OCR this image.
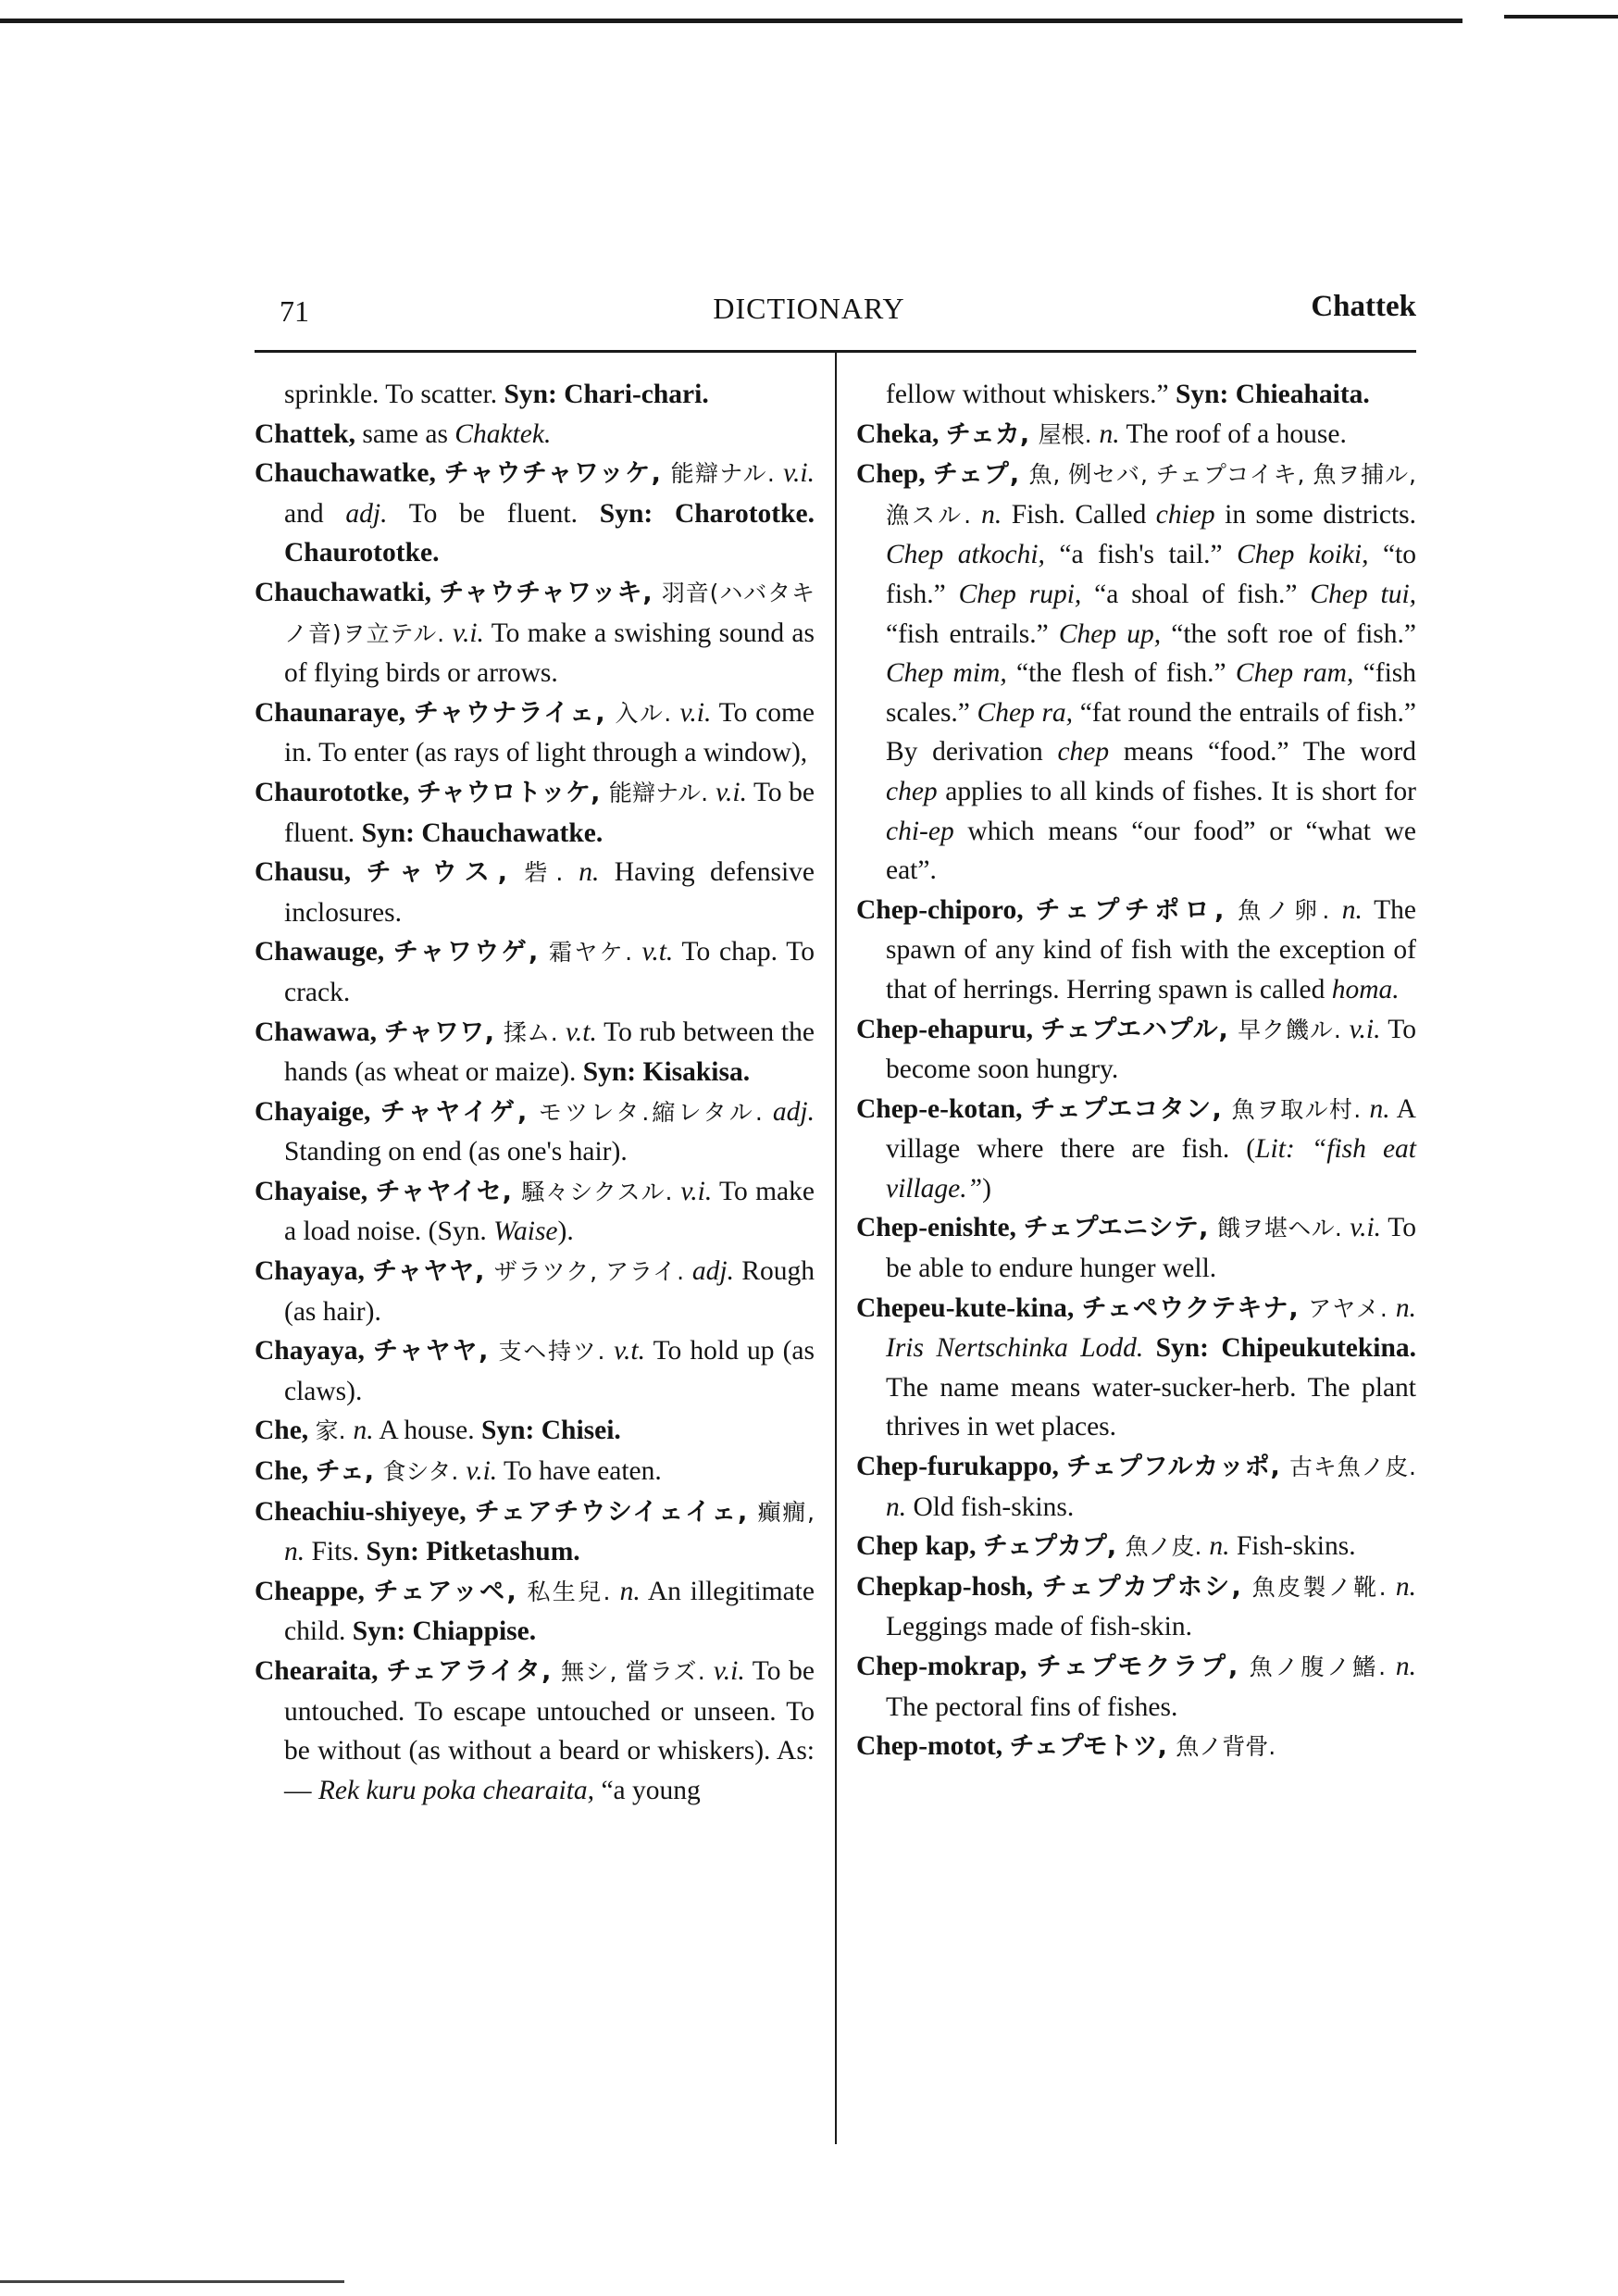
71	DICTIONARY	Chattek

sprinkle. To scatter. Syn: Chari-chari.

Chattek, same as Chaktek.

Chauchawatke, チャウチャワッケ, 能辯ナル. v.i. and adj. To be fluent. Syn: Charototke. Chaurototke.

Chauchawatki, チャウチャワッキ, 羽音(ハバタキノ音)ヲ立テル. v.i. To make a swishing sound as of flying birds or arrows.

Chaunaraye, チャウナライェ, 入ル. v.i. To come in. To enter (as rays of light through a window),

Chaurototke, チャウロトッケ, 能辯ナル. v.i. To be fluent. Syn: Chauchawatke.

Chausu, チャウス, 砦. n. Having defensive inclosures.

Chawauge, チャワウゲ, 霜ヤケ. v.t. To chap. To crack.

Chawawa, チャワワ, 揉ム. v.t. To rub between the hands (as wheat or maize). Syn: Kisakisa.

Chayaige, チャヤイゲ, モツレタ.縮レタル. adj. Standing on end (as one's hair).

Chayaise, チャヤイセ, 騒々シクスル. v.i. To make a load noise. (Syn. Waise).

Chayaya, チャヤヤ, ザラツク, アライ. adj. Rough (as hair).

Chayaya, チャヤヤ, 支ヘ持ツ. v.t. To hold up (as claws).

Che, 家. n. A house. Syn: Chisei.

Che, チェ, 食シタ. v.i. To have eaten.

Cheachiu-shiyeye, チェアチウシイェイェ, 癲癇, n. Fits. Syn: Pitketashum.

Cheappe, チェアッペ, 私生兒. n. An illegitimate child. Syn: Chiappise.

Chearaita, チェアライタ, 無シ, 當ラズ. v.i. To be untouched. To escape untouched or unseen. To be without (as without a beard or whiskers). As:— Rek kuru poka chearaita, “a young

fellow without whiskers.” Syn: Chieahaita.

Cheka, チェカ, 屋根. n. The roof of a house.

Chep, チェプ, 魚, 例セバ, チェプコイキ, 魚ヲ捕ル, 漁スル. n. Fish. Called chiep in some districts. Chep atkochi, “a fish's tail.” Chep koiki, “to fish.” Chep rupi, “a shoal of fish.” Chep tui, “fish entrails.” Chep up, “the soft roe of fish.” Chep mim, “the flesh of fish.” Chep ram, “fish scales.” Chep ra, “fat round the entrails of fish.” By derivation chep means “food.” The word chep applies to all kinds of fishes. It is short for chi-ep which means “our food” or “what we eat”.

Chep-chiporo, チェプチポロ, 魚ノ卵. n. The spawn of any kind of fish with the exception of that of herrings. Herring spawn is called homa.

Chep-ehapuru, チェプエハプル, 早ク饑ル. v.i. To become soon hungry.

Chep-e-kotan, チェプエコタン, 魚ヲ取ル村. n. A village where there are fish. (Lit: “fish eat village.”)

Chep-enishte, チェプエニシテ, 餓ヲ堪ヘル. v.i. To be able to endure hunger well.

Chepeu-kute-kina, チェペウクテキナ, アヤメ. n. Iris Nertschinka Lodd. Syn: Chipeukutekina. The name means water-sucker-herb. The plant thrives in wet places.

Chep-furukappo, チェプフルカッポ, 古キ魚ノ皮. n. Old fish-skins.

Chep kap, チェプカプ, 魚ノ皮. n. Fish-skins.

Chepkap-hosh, チェプカプホシ, 魚皮製ノ靴. n. Leggings made of fish-skin.

Chep-mokrap, チェプモクラプ, 魚ノ腹ノ鰭. n. The pectoral fins of fishes.

Chep-motot, チェプモトツ, 魚ノ背骨.
